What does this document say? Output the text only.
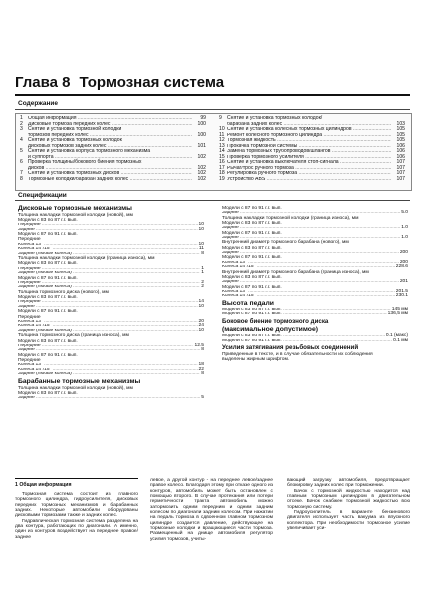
Глава 8 Тормозная система
Содержание
1	Общая информация .....	99
2	Дисковые тормоза передних колес .....	100
3	Снятие и установка тормозной колодки
тормозов передних колес .....	100
4	Снятие и установка тормозных колодок
дисковых тормозов задних колес .....	101
5	Снятие и установка корпуса тормозного механизма
и суппорта .....	102
6	Проверка толщины/бокового биения тормозных
дисков .....	102
7	Снятие и установка тормозных дисков .....	102
8	Тормозные колодки/барабан задних колес .....	102
9	Снятие и установка тормозных колодок/
барабана задних колес .....	103
10 Снятие и установка колесных тормозных цилиндров .....	105
11 Ремонт колесного тормозного цилиндра .....	105
12 Тормозная жидкость .....	105
13 Прокачка тормозной системы .....	106
14 Замена тормозных трубопроводов/шлангов .....	106
15 Проверка тормозного усилителя .....	106
16 Снятие и установка выключателя стоп-сигнала .....	107
17 Рычаг/трос ручного тормоза .....	107
18 Регулировка ручного тормоза .....	107
19 Устройство ABS .....	107
Спецификации
Дисковые тормозные механизмы
Толщина накладки тормозной колодки (новой), мм
Модели с 83 по 87 г.г. вып.
Передние .....	10
Задние .....	10
Модели с 87 по 91 г.г. вып.
Передние
Колеса 13" .....	10
Колеса 14"/15" .....	11
Задние (любые колеса) .....	8
Толщина накладки тормозной колодки (граница износа), мм
Модели с 83 по 87 г.г. вып.
Передние .....	1
Задние (любые колеса) .....	1
Модели с 87 по 91 г.г. вып.
Передние .....	2
Задние (любые колеса) .....	2
Толщина тормозного диска (нового), мм
Модели с 83 по 87 г.г. вып.
Передние .....	14
Задние .....	10
Модели с 87 по 91 г.г. вып.
Передние
Колеса 13" .....	20
Колеса 14"/15" .....	24
Задние (любые колеса) .....	10
Толщина тормозного диска (граница износа), мм
Модели с 83 по 87 г.г. вып.
Передние .....	12.5
Задние .....	8
Модели с 87 по 91 г.г. вып.
Передние
Колеса 13" .....	18
Колеса 14"/15" .....	22
Задние (любые колеса) .....	8
Барабанные тормозные механизмы
Толщина накладки тормозной колодки (новой), мм
Модели с 83 по 87 г.г. вып.
Задние .....	5
Модели с 87 по 91 г.г. вып.
Задние .....	5.0
Толщина накладки тормозной колодки (граница износа), мм
Модели с 83 по 87 г.г. вып.
Задние .....	1.0
Модели с 87 по 91 г.г. вып.
Задние .....	1.0
Внутренний диаметр тормозного барабана (нового), мм
Модели с 83 по 87 г.г. вып.
Задние .....	200
Модели с 87 по 91 г.г. вып.
Колеса 13" .....	200
Колеса 14"/15" .....	228.6
Внутренний диаметр тормозного барабана (граница износа), мм
Модели с 83 по 87 г.г. вып.
Задние .....	201
Модели с 87 по 91 г.г. вып.
Колеса 13" .....	201.5
Колеса 14"/15" .....	230.1
Высота педали
Модели с 83 по 87 г.г. вып. .....	145 мм
Модели с 87 по 91 г.г. вып. .....	136,5 мм
Боковое биение тормозного диска
(максимальное допустимое)
Модели с 83 по 87 г.г. вып. .....	0.1 (макс)
Модели с 87 по 91 г.г. вып. .....	0.1 мм
Усилия затягивания резьбовых соединений
Приведенные в тексте, и в случае обязательности их соблюдения
выделены жирным шрифтом.
1 Общая информация

Тормозная система состоит из главного тормозного цилиндра, гидроусилителя, дисковых передних тормозных механизмов и барабанных задних. Некоторые автомобили оборудованы дисковыми тормозами также и задних колес.

Гидравлическая тормозная система разделена на два контура, работающих по диагонали. А именно, один из контуров воздействует на переднее правое/заднее

левое, а другой контур - на переднее левое/заднее правое колесо. Благодаря этому при отказе одного из контуров, автомобиль может быть остановлен с помощью второго. В случае протекания или потери герметичности тракта автомобиль можно затормозить одним передним и одним задним колесом по диагонали задним колесом. При нажатии на педаль тормоза в сдвоенном главном тормозном цилиндре создается давление, действующее на тормозные колодки и вращающиеся части тормоза. Размещенный на днище автомобиля регулятор усилия тормозов, учиты-

вающий загрузку автомобиля, предотвращает блокировку задних колес при торможении.

Бачок с тормозной жидкостью находится над главным тормозным цилиндром в двигательном отсеке. Бачок снабжен тормозной жидкостью всю тормозную систему.

Гидроусилитель в варианте бензинового двигателя использует часть вакуума из впускного коллектора. При необходимости тормозное усилие увеличивает уси-
